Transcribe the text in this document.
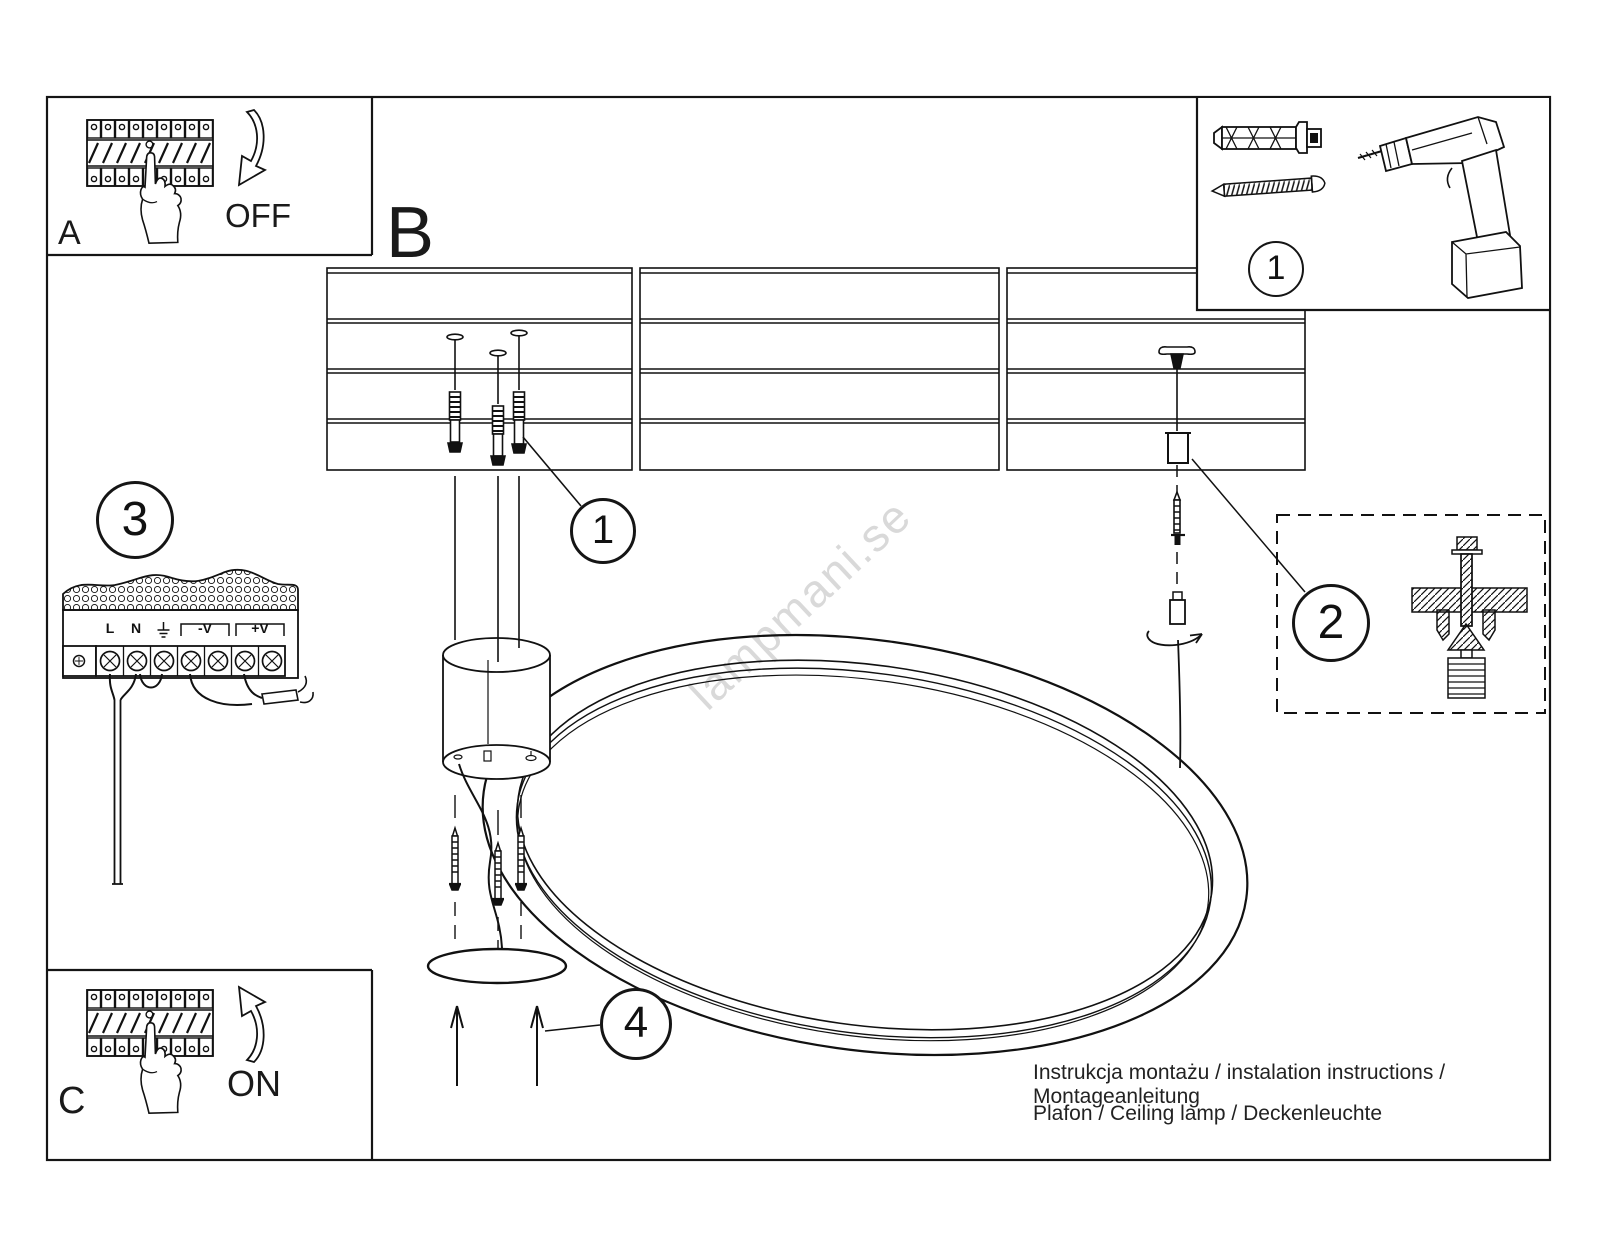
lampmani.se
A	OFF B
C	ON
1
1
2
3
4
L N	-V	+V
Instrukcja montażu / instalation instructions / Montageanleitung
Plafon / Ceiling lamp / Deckenleuchte
